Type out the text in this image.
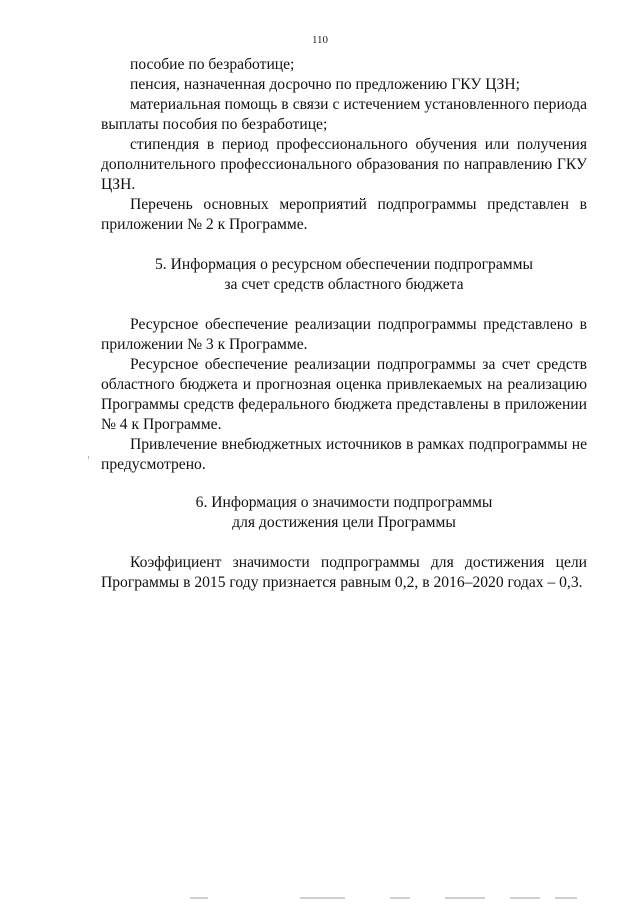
110

пособие по безработице;

пенсия, назначенная досрочно по предложению ГКУ ЦЗН;

материальная помощь в связи с истечением установленного периода выплаты пособия по безработице;

стипендия в период профессионального обучения или получения дополнительного профессионального образования по направлению ГКУ ЦЗН.

Перечень основных мероприятий подпрограммы представлен в приложении № 2 к Программе.

5. Информация о ресурсном обеспечении подпрограммы

за счет средств областного бюджета

Ресурсное обеспечение реализации подпрограммы представлено в приложении № 3 к Программе.

Ресурсное обеспечение реализации подпрограммы за счет средств областного бюджета и прогнозная оценка привлекаемых на реализацию Программы средств федерального бюджета представлены в приложении № 4 к Программе.

Привлечение внебюджетных источников в рамках подпрограммы не предусмотрено.

6. Информация о значимости подпрограммы

для достижения цели Программы

Коэффициент значимости подпрограммы для достижения цели Программы в 2015 году признается равным 0,2, в 2016–2020 годах – 0,3.
